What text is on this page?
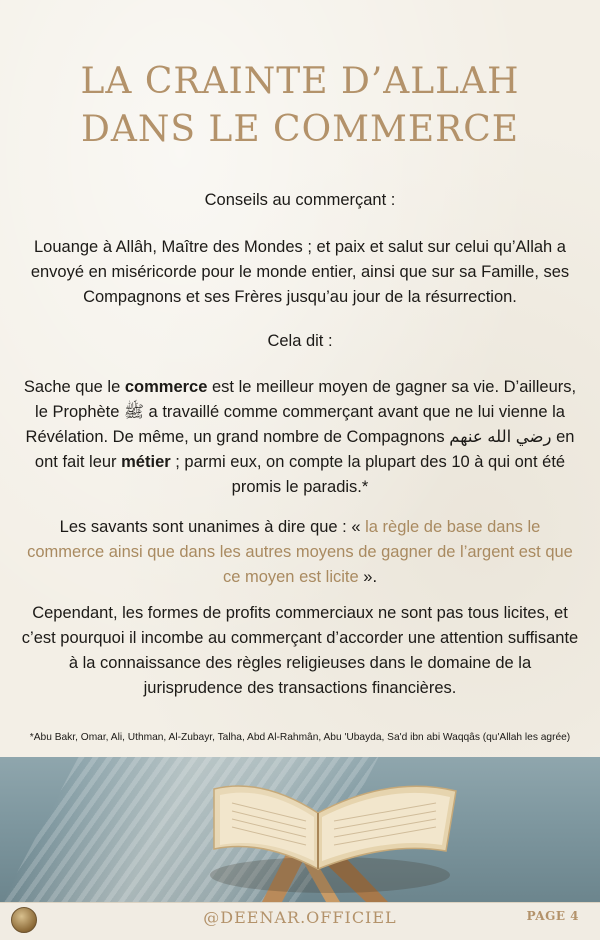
LA CRAINTE D’ALLAH DANS LE COMMERCE

Conseils au commerçant :

Louange à Allâh, Maître des Mondes ; et paix et salut sur celui qu’Allah a envoyé en miséricorde pour le monde entier, ainsi que sur sa Famille, ses Compagnons et ses Frères jusqu’au jour de la résurrection.

Cela dit :

Sache que le commerce est le meilleur moyen de gagner sa vie. D’ailleurs, le Prophète ﷺ a travaillé comme commerçant avant que ne lui vienne la Révélation. De même, un grand nombre de Compagnons رضي الله عنهم en ont fait leur métier ; parmi eux, on compte la plupart des 10 à qui ont été promis le paradis.*

Les savants sont unanimes à dire que : « la règle de base dans le commerce ainsi que dans les autres moyens de gagner de l’argent est que ce moyen est licite ».

Cependant, les formes de profits commerciaux ne sont pas tous licites, et c’est pourquoi il incombe au commerçant d’accorder une attention suffisante à la connaissance des règles religieuses dans le domaine de la jurisprudence des transactions financières.

*Abu Bakr, Omar, Ali, Uthman, Al-Zubayr, Talha, Abd Al-Rahmân, Abu 'Ubayda, Sa'd ibn abi Waqqâs (qu'Allah les agrée)
@DEENAR.OFFICIEL	PAGE 4
